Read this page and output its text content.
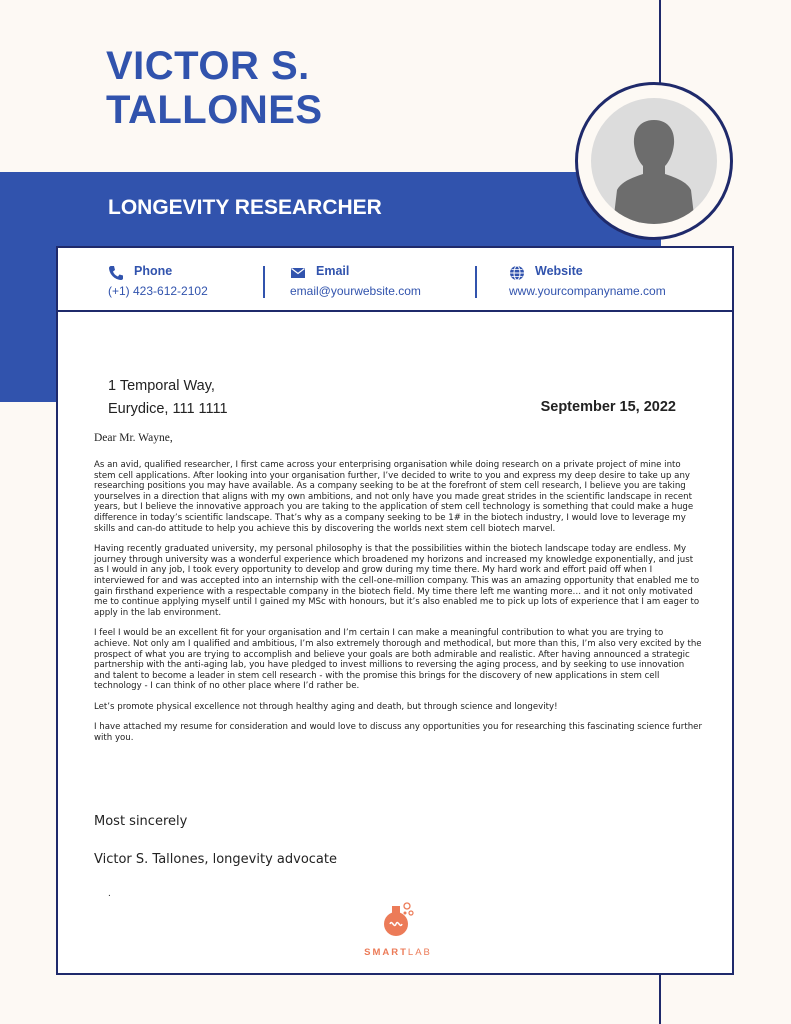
VICTOR S.
TALLONES
LONGEVITY RESEARCHER
Phone
(+1) 423-612-2102
Email
email@yourwebsite.com
Website
www.yourcompanyname.com
1 Temporal Way,
Eurydice, 111 1111	September 15, 2022
Dear Mr. Wayne,

As an avid, qualified researcher, I first came across your enterprising organisation while doing research on a private project of mine into stem cell applications. After looking into your organisation further, I’ve decided to write to you and express my deep desire to take up any researching positions you may have available. As a company seeking to be at the forefront of stem cell research, I believe you are taking yourselves in a direction that aligns with my own ambitions, and not only have you made great strides in the scientific landscape in recent years, but I believe the innovative approach you are taking to the application of stem cell technology is something that could make a huge difference in today’s scientific landscape. That’s why as a company seeking to be 1# in the biotech industry, I would love to leverage my skills and can-do attitude to help you achieve this by discovering the worlds next stem cell biotech marvel.

Having recently graduated university, my personal philosophy is that the possibilities within the biotech landscape today are endless. My journey through university was a wonderful experience which broadened my horizons and increased my knowledge exponentially, and just as I would in any job, I took every opportunity to develop and grow during my time there. My hard work and effort paid off when I interviewed for and was accepted into an internship with the cell-one-million company. This was an amazing opportunity that enabled me to gain firsthand experience with a respectable company in the biotech field. My time there left me wanting more… and it not only motivated me to continue applying myself until I gained my MSc with honours, but it’s also enabled me to pick up lots of experience that I am eager to apply in the lab environment.

I feel I would be an excellent fit for your organisation and I’m certain I can make a meaningful contribution to what you are trying to achieve. Not only am I qualified and ambitious, I’m also extremely thorough and methodical, but more than this, I’m also very excited by the prospect of what you are trying to accomplish and believe your goals are both admirable and realistic. After having announced a strategic partnership with the anti-aging lab, you have pledged to invest millions to reversing the aging process, and by seeking to use innovation and talent to become a leader in stem cell research - with the promise this brings for the discovery of new applications in stem cell technology - I can think of no other place where I’d rather be.

Let’s promote physical excellence not through healthy aging and death, but through science and longevity!

I have attached my resume for consideration and would love to discuss any opportunities you for researching this fascinating science further with you.

Most sincerely
Victor S. Tallones, longevity advocate
.
SMARTLAB
